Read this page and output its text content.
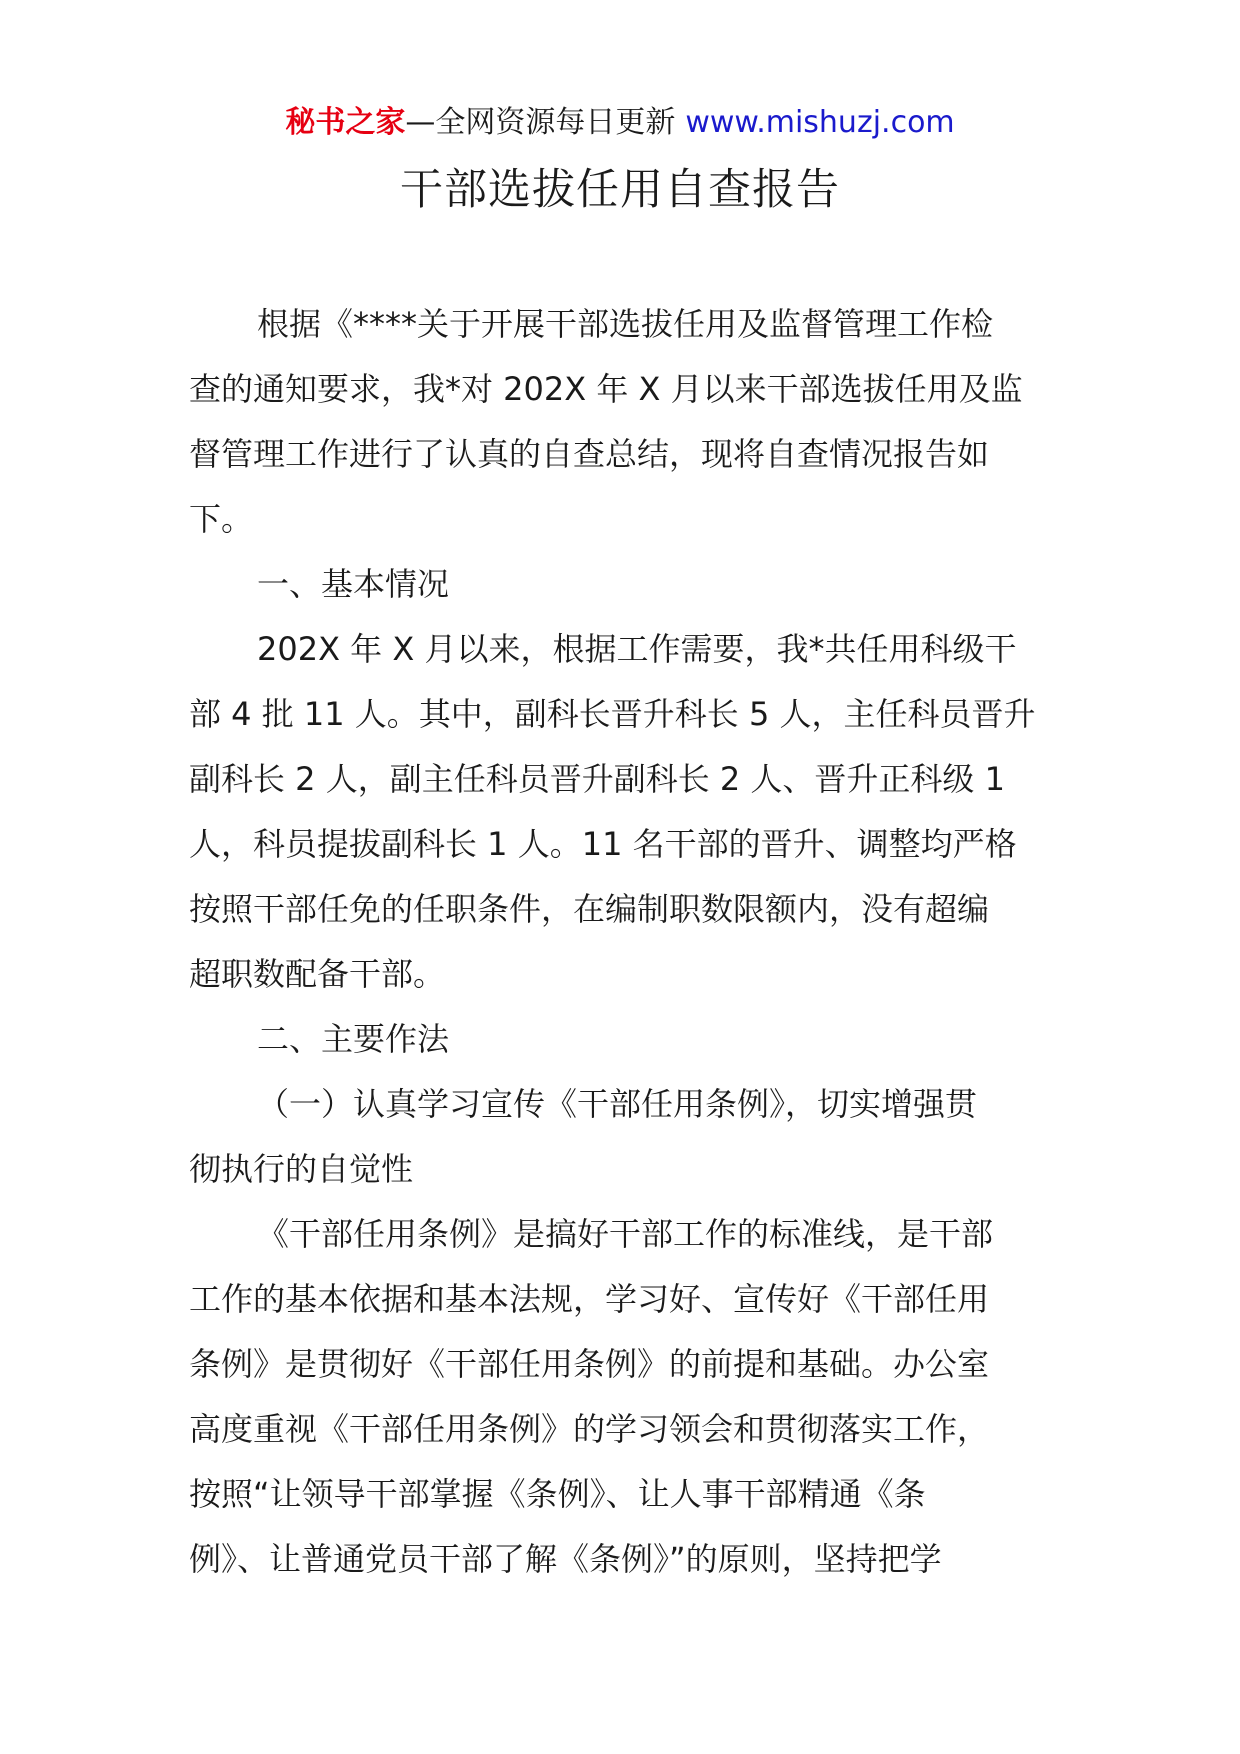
秘书之家—全网资源每日更新 www.mishuzj.com
干部选拔任用自查报告
根据《****关于开展干部选拔任用及监督管理工作检
查的通知要求，我*对 202X 年 X 月以来干部选拔任用及监
督管理工作进行了认真的自查总结，现将自查情况报告如
下。
一、基本情况
202X 年 X 月以来，根据工作需要，我*共任用科级干
部 4 批 11 人。其中，副科长晋升科长 5 人，主任科员晋升
副科长 2 人，副主任科员晋升副科长 2 人、晋升正科级 1
人，科员提拔副科长 1 人。11 名干部的晋升、调整均严格
按照干部任免的任职条件，在编制职数限额内，没有超编
超职数配备干部。
二、主要作法
（一）认真学习宣传《干部任用条例》，切实增强贯
彻执行的自觉性
《干部任用条例》是搞好干部工作的标准线，是干部
工作的基本依据和基本法规，学习好、宣传好《干部任用
条例》是贯彻好《干部任用条例》的前提和基础。办公室
高度重视《干部任用条例》的学习领会和贯彻落实工作，
按照“让领导干部掌握《条例》、让人事干部精通《条
例》、让普通党员干部了解《条例》”的原则，坚持把学
